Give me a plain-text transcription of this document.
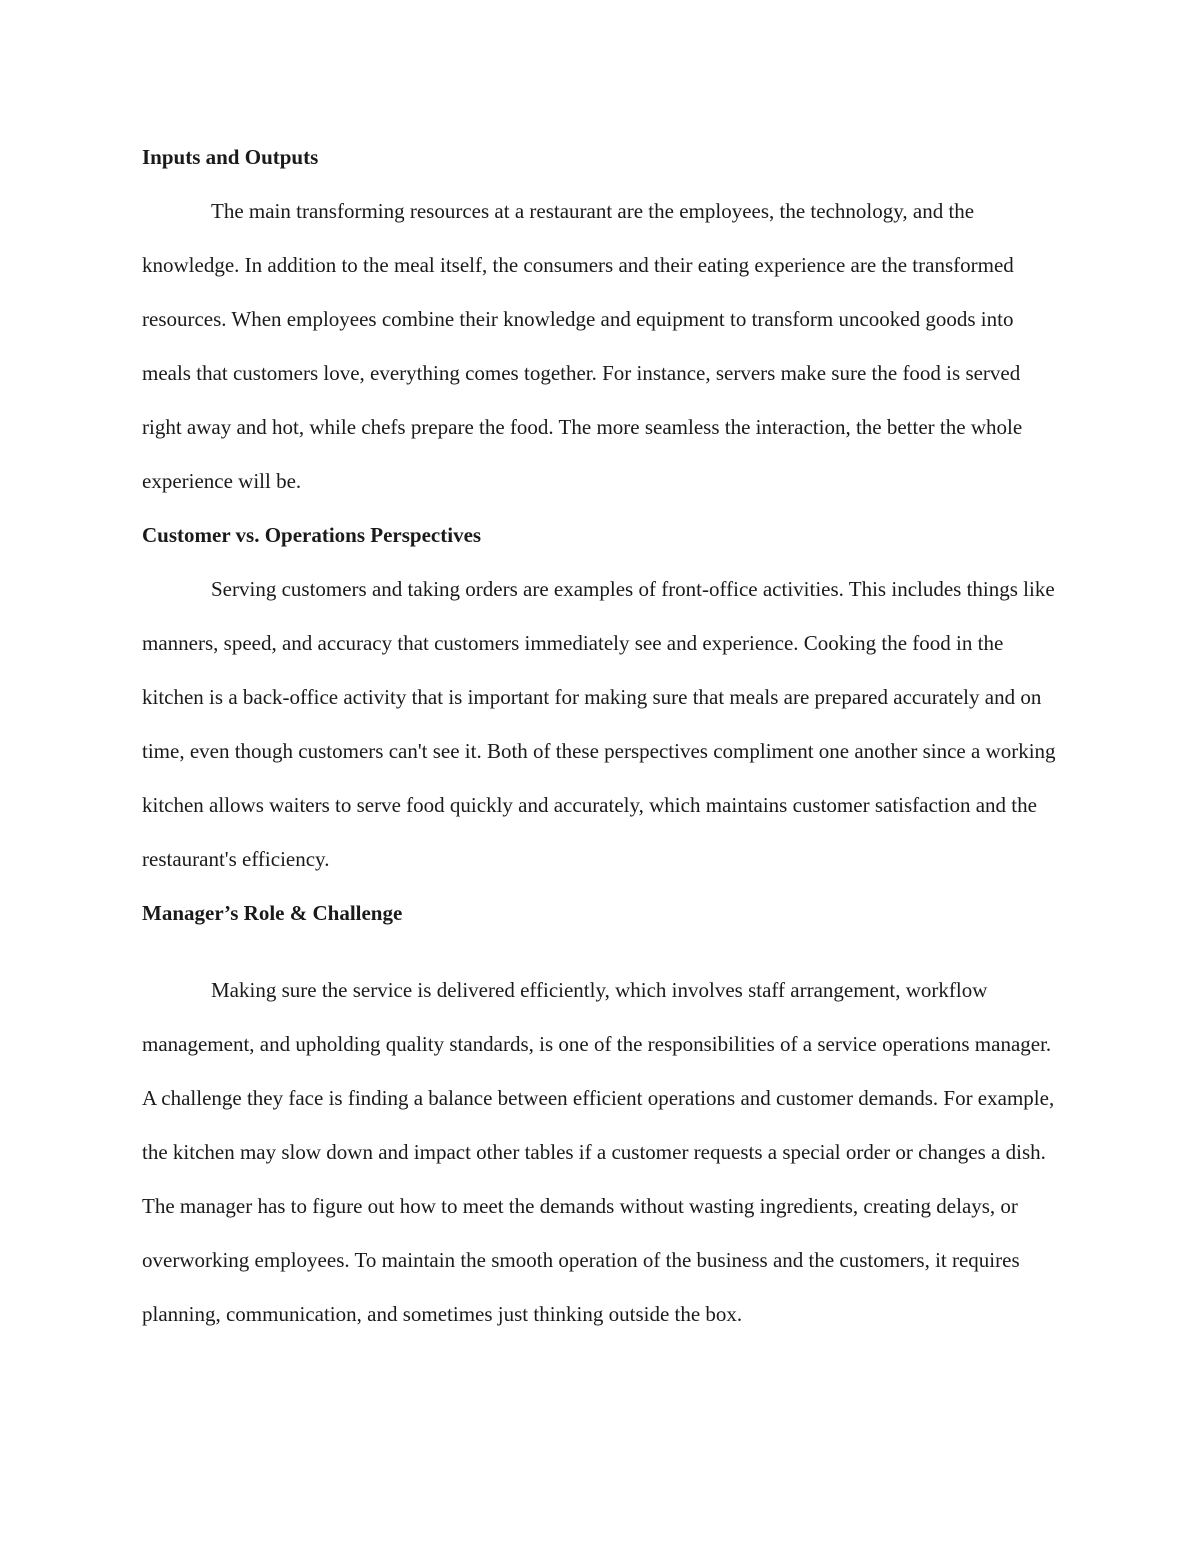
Inputs and Outputs

The main transforming resources at a restaurant are the employees, the technology, and the knowledge. In addition to the meal itself, the consumers and their eating experience are the transformed resources. When employees combine their knowledge and equipment to transform uncooked goods into meals that customers love, everything comes together. For instance, servers make sure the food is served right away and hot, while chefs prepare the food. The more seamless the interaction, the better the whole experience will be.

Customer vs. Operations Perspectives

Serving customers and taking orders are examples of front-office activities. This includes things like manners, speed, and accuracy that customers immediately see and experience. Cooking the food in the kitchen is a back-office activity that is important for making sure that meals are prepared accurately and on time, even though customers can't see it. Both of these perspectives compliment one another since a working kitchen allows waiters to serve food quickly and accurately, which maintains customer satisfaction and the restaurant's efficiency.

Manager’s Role & Challenge

Making sure the service is delivered efficiently, which involves staff arrangement, workflow management, and upholding quality standards, is one of the responsibilities of a service operations manager. A challenge they face is finding a balance between efficient operations and customer demands. For example, the kitchen may slow down and impact other tables if a customer requests a special order or changes a dish. The manager has to figure out how to meet the demands without wasting ingredients, creating delays, or overworking employees. To maintain the smooth operation of the business and the customers, it requires planning, communication, and sometimes just thinking outside the box.
